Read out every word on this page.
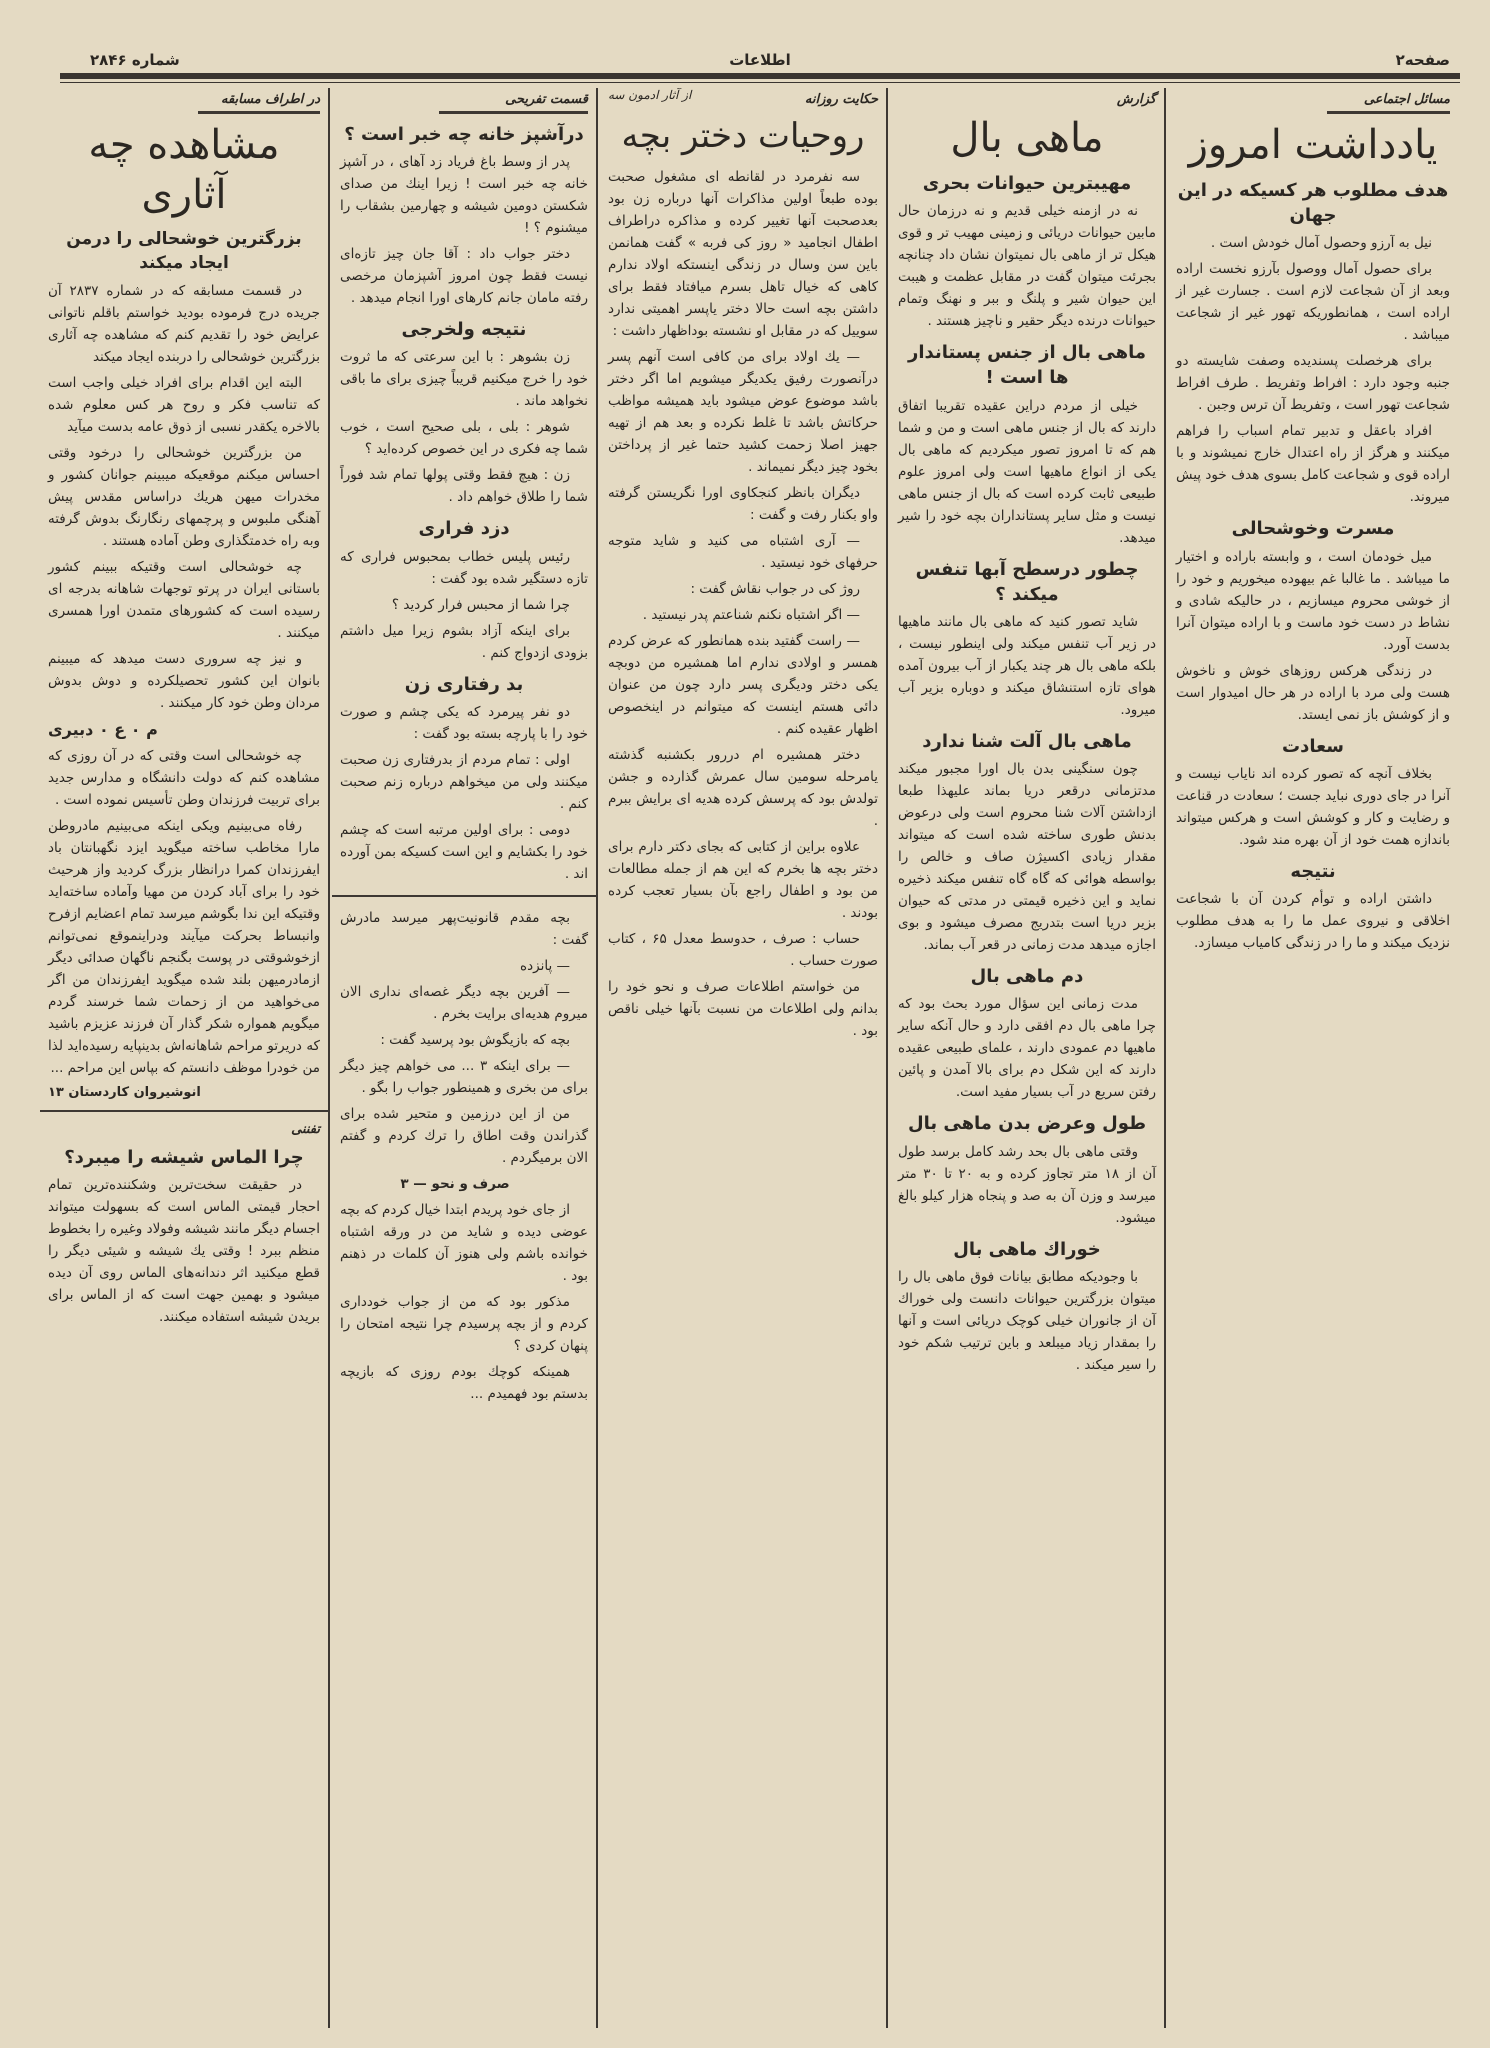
صفحه۲
اطلاعات
شماره ۲۸۴۶
مسائل اجتماعی
یادداشت امروز
هدف مطلوب هر کسیکه در این جهان

نیل به آرزو وحصول آمال خودش است .

برای حصول آمال ووصول بآرزو نخست اراده وبعد از آن شجاعت لازم است . جسارت غیر از اراده است ، همانطوریکه تهور غیر از شجاعت میباشد .

برای هرخصلت پسندیده وصفت شایسته دو جنبه وجود دارد : افراط وتفریط . طرف افراط شجاعت تهور است ، وتفریط آن ترس وجبن .

افراد باعقل و تدبیر تمام اسباب را فراهم میکنند و هرگز از راه اعتدال خارج نمیشوند و با اراده قوی و شجاعت کامل بسوی هدف خود پیش میروند.

مسرت وخوشحالی

میل خودمان است ، و وابسته باراده و اختیار ما میباشد . ما غالبا غم بیهوده میخوریم و خود را از خوشی محروم میسازیم ، در حالیکه شادی و نشاط در دست خود ماست و با اراده میتوان آنرا بدست آورد.

در زندگی هرکس روزهای خوش و ناخوش هست ولی مرد با اراده در هر حال امیدوار است و از کوشش باز نمی ایستد.

سعادت

بخلاف آنچه که تصور کرده اند نایاب نیست و آنرا در جای دوری نباید جست ؛ سعادت در قناعت و رضایت و کار و کوشش است و هرکس میتواند باندازه همت خود از آن بهره مند شود.

نتیجه

داشتن اراده و توأم کردن آن با شجاعت اخلاقی و نیروی عمل ما را به هدف مطلوب نزدیک میکند و ما را در زندگی کامیاب میسازد.

گزارش
ماهی بال
مهیبترین حیوانات بحری

نه در ازمنه خیلی قدیم و نه درزمان حال مابین حیوانات دریائی و زمینی مهیب تر و قوی هیکل تر از ماهی بال نمیتوان نشان داد چنانچه بجرئت میتوان گفت در مقابل عظمت و هیبت این حیوان شیر و پلنگ و ببر و نهنگ وتمام حیوانات درنده دیگر حقیر و ناچیز هستند .

ماهی بال از جنس پستاندار ها است !

خیلی از مردم دراین عقیده تقریبا اتفاق دارند که بال از جنس ماهی است و من و شما هم که تا امروز تصور میکردیم که ماهی بال یکی از انواع ماهیها است ولی امروز علوم طبیعی ثابت کرده است که بال از جنس ماهی نیست و مثل سایر پستانداران بچه خود را شیر میدهد.

چطور درسطح آبها تنفس میکند ؟

شاید تصور کنید که ماهی بال مانند ماهیها در زیر آب تنفس میکند ولی اینطور نیست ، بلکه ماهی بال هر چند یکبار از آب بیرون آمده هوای تازه استنشاق میکند و دوباره بزیر آب میرود.

ماهی بال آلت شنا ندارد

چون سنگینی بدن بال اورا مجبور میکند مدتزمانی درقعر دریا بماند علیهذا طبعا ازداشتن آلات شنا محروم است ولی درعوض بدنش طوری ساخته شده است که میتواند مقدار زیادی اکسیژن صاف و خالص را بواسطه هوائی که گاه گاه تنفس میکند ذخیره نماید و این ذخیره قیمتی در مدتی که حیوان بزیر دریا است بتدریج مصرف میشود و بوی اجازه میدهد مدت زمانی در قعر آب بماند.

دم ماهی بال

مدت زمانی این سؤال مورد بحث بود که چرا ماهی بال دم افقی دارد و حال آنکه سایر ماهیها دم عمودی دارند ، علمای طبیعی عقیده دارند که این شکل دم برای بالا آمدن و پائین رفتن سریع در آب بسیار مفید است.

طول وعرض بدن ماهی بال

وقتی ماهی بال بحد رشد کامل برسد طول آن از ۱۸ متر تجاوز کرده و به ۲۰ تا ۳۰ متر میرسد و وزن آن به صد و پنجاه هزار کیلو بالغ میشود.

خوراك ماهی بال

با وجودیکه مطابق بیانات فوق ماهی بال را میتوان بزرگترین حیوانات دانست ولی خوراك آن از جانوران خیلی کوچک دریائی است و آنها را بمقدار زیاد میبلعد و باین ترتیب شکم خود را سیر میکند .

حکایت روزانه
از آثار ادمون سه
روحیات دختر بچه

سه نفرمرد در لقانطه ای مشغول صحبت بوده طبعاً اولین مذاکرات آنها درباره زن بود بعدصحبت آنها تغییر کرده و مذاکره دراطراف اطفال انجامید « روز کی فربه » گفت همانمن باین سن وسال در زندگی اینستکه اولاد ندارم کاهی که خیال تاهل بسرم میافتاد فقط برای داشتن بچه است حالا دختر یاپسر اهمیتی ندارد سوییل که در مقابل او نشسته بوداظهار داشت :

— یك اولاد برای من کافی است آنهم پسر درآنصورت رفیق یکدیگر میشویم اما اگر دختر باشد موضوع عوض میشود باید همیشه مواظب حرکاتش باشد تا غلط نکرده و بعد هم از تهیه جهیز اصلا زحمت کشید حتما غیر از پرداختن بخود چیز دیگر نمیماند .

دیگران بانظر کنجکاوی اورا نگریستن گرفته واو بکنار رفت و گفت :

— آری اشتباه می کنید و شاید متوجه حرفهای خود نیستید .

روژ کی در جواب نقاش گفت :

— اگر اشتباه نکنم شناعتم پدر نیستید .

— راست گفتید بنده همانطور که عرض کردم همسر و اولادی ندارم اما همشیره من دوبچه یکی دختر ودیگری پسر دارد چون من عنوان دائی هستم اینست که میتوانم در اینخصوص اظهار عقیده کنم .

دختر همشیره ام دررور بکشنبه گذشته یامرحله سومین سال عمرش گذارده و جشن تولدش بود که پرسش کرده هدیه ای برایش ببرم .

علاوه براین از کتابی که بجای دکتر دارم برای دختر بچه ها بخرم که این هم از جمله مطالعات من بود و اطفال راجع بآن بسیار تعجب کرده بودند .

حساب : صرف ، حدوسط معدل ۶۵ ، کتاب صورت حساب .

من خواستم اطلاعات صرف و نحو خود را بدانم ولی اطلاعات من نسبت بآنها خیلی ناقص بود .

قسمت تفریحی
درآشپز خانه چه خبر است ؟

پدر از وسط باغ فریاد زد آهای ، در آشپز خانه چه خبر است ! زیرا اینك من صدای شکستن دومین شیشه و چهارمین بشقاب را میشنوم ؟ !

دختر جواب داد : آقا جان چیز تازه‌ای نیست فقط چون امروز آشپزمان مرخصی رفته مامان جانم کارهای اورا انجام میدهد .

نتیجه ولخرجی

زن بشوهر : با این سرعتی که ما ثروت خود را خرج میکنیم قریباً چیزی برای ما باقی نخواهد ماند .

شوهر : بلی ، بلی صحیح است ، خوب شما چه فکری در این خصوص کرده‌اید ؟

زن : هیچ فقط وقتی پولها تمام شد فوراً شما را طلاق خواهم داد .

دزد فراری

رئیس پلیس خطاب بمحبوس فراری که تازه دستگیر شده بود گفت :

چرا شما از محبس فرار کردید ؟

برای اینکه آزاد بشوم زیرا میل داشتم بزودی ازدواج کنم .

بد رفتاری زن

دو نفر پیرمرد که یکی چشم و صورت خود را با پارچه بسته بود گفت :

اولی : تمام مردم از بدرفتاری زن صحبت میکنند ولی من میخواهم درباره زنم صحبت کنم .

دومی : برای اولین مرتبه است که چشم خود را بکشایم و این است کسیکه بمن آورده اند .

بچه مقدم قانونیت‌پهر میرسد مادرش گفت :

— پانزده

— آفرین بچه دیگر غصه‌ای نداری الان میروم هدیه‌ای برایت بخرم .

بچه که بازیگوش بود پرسید گفت :

— برای اینکه ۳ ... می خواهم چیز دیگر برای من بخری و همینطور جواب را بگو .

من از این درزمین و متحیر شده برای گذراندن وقت اطاق را ترك کردم و گفتم الان برمیگردم .

صرف و نحو — ۳

از جای خود پریدم ابتدا خیال کردم که بچه عوضی دیده و شاید من در ورقه اشتباه خوانده باشم ولی هنوز آن کلمات در ذهنم بود .

مذکور بود که من از جواب خودداری کردم و از بچه پرسیدم چرا نتیجه امتحان را پنهان کردی ؟

همینکه کوچك بودم روزی که بازیچه بدستم بود فهمیدم ...

در اطراف مسابقه
مشاهده چه آثاری
بزرگترین خوشحالی را درمن ایجاد میکند

در قسمت مسابقه که در شماره ۲۸۳۷ آن جریده درج فرموده بودید خواستم باقلم ناتوانی عرایض خود را تقدیم کنم که مشاهده چه آثاری بزرگترین خوشحالی را دربنده ایجاد میکند

البته این اقدام برای افراد خیلی واجب است که تناسب فکر و روح هر کس معلوم شده بالاخره یکقدر نسبی از ذوق عامه بدست میآید

من بزرگترین خوشحالی را درخود وقتی احساس میکنم موقعیکه میبینم جوانان کشور و مخدرات میهن هریك دراساس مقدس پیش آهنگی ملبوس و پرچمهای رنگارنگ بدوش گرفته وبه راه خدمتگذاری وطن آماده هستند .

چه خوشحالی است وقتیکه ببینم کشور باستانی ایران در پرتو توجهات شاهانه بدرجه ای رسیده است که کشورهای متمدن اورا همسری میکنند .

و نیز چه سروری دست میدهد که میبینم بانوان این کشور تحصیلکرده و دوش بدوش مردان وطن خود کار میکنند .

م ۰ ع ۰ دبیری

چه خوشحالی است وقتی که در آن روزی که مشاهده کنم که دولت دانشگاه و مدارس جدید برای تربیت فرزندان وطن تأسیس نموده است .

رفاه می‌بینیم ویکی اینکه می‌بینیم مادروطن مارا مخاطب ساخته میگوید ایزد نگهبانتان باد ایفرزندان کمرا درانظار بزرگ کردید واز هرحیث خود را برای آباد کردن من مهیا وآماده ساخته‌اید وقتیکه این ندا بگوشم میرسد تمام اعضایم ازفرح وانبساط بحرکت میآیند ودراینموقع نمی‌توانم ازخوشوقتی در پوست بگنجم ناگهان صدائی دیگر ازمادرمیهن بلند شده میگوید ایفرزندان من اگر می‌خواهید من از زحمات شما خرسند گردم میگویم همواره شکر گذار آن فرزند عزیزم باشید که دریرتو مراحم شاهانه‌اش بدینپایه رسیده‌اید لذا من خودرا موظف دانستم که بپاس این مراحم ...

انوشیروان کاردستان ۱۳
تفننی
چرا الماس شیشه را میبرد؟

در حقیقت سخت‌ترین وشکننده‌ترین تمام احجار قیمتی الماس است که بسهولت میتواند اجسام دیگر مانند شیشه وفولاد وغیره را بخطوط منظم ببرد ! وقتی یك شیشه و شیئی دیگر را قطع میکنید اثر دندانه‌های الماس روی آن دیده میشود و بهمین جهت است که از الماس برای بریدن شیشه استفاده میکنند.
